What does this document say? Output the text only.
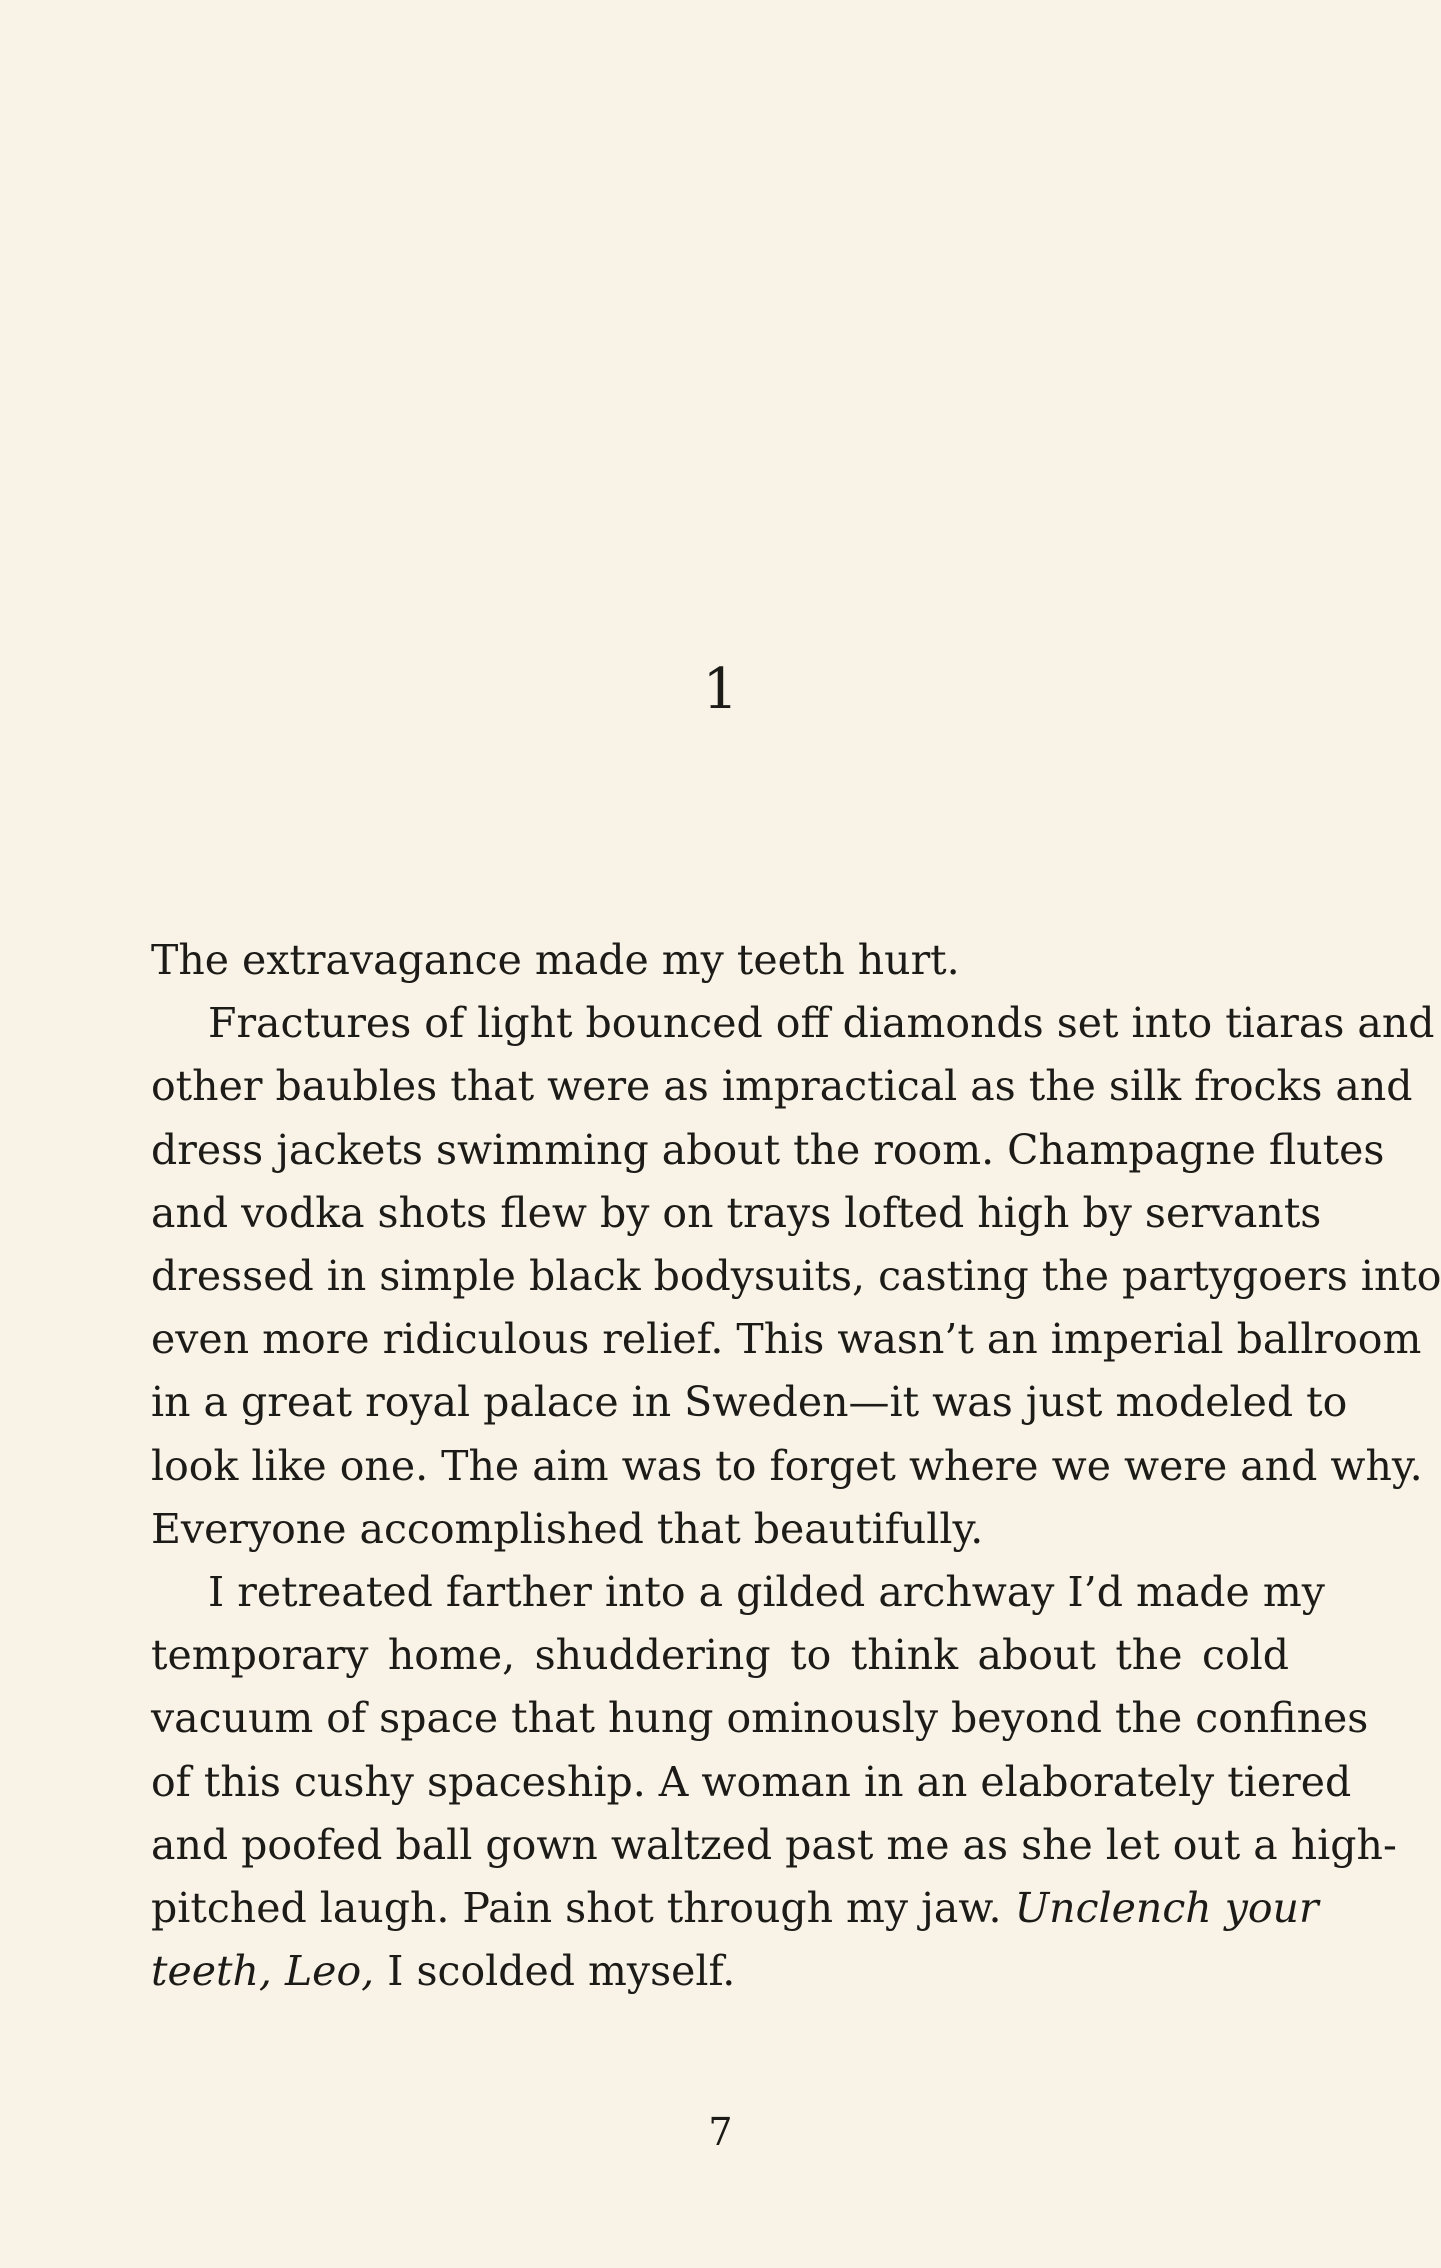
1
The extravagance made my teeth hurt.
Fractures of light bounced off diamonds set into tiaras and
other baubles that were as impractical as the silk frocks and
dress jackets swimming about the room. Champagne flutes
and vodka shots flew by on trays lofted high by servants
dressed in simple black bodysuits, casting the partygoers into
even more ridiculous relief. This wasn’t an imperial ballroom
in a great royal palace in Sweden—it was just modeled to
look like one. The aim was to forget where we were and why.
Everyone accomplished that beautifully.
I retreated farther into a gilded archway I’d made my
temporary home, shuddering to think about the cold
vacuum of space that hung ominously beyond the confines
of this cushy spaceship. A woman in an elaborately tiered
and poofed ball gown waltzed past me as she let out a high-
pitched laugh. Pain shot through my jaw. Unclench your
teeth, Leo, I scolded myself.
7
